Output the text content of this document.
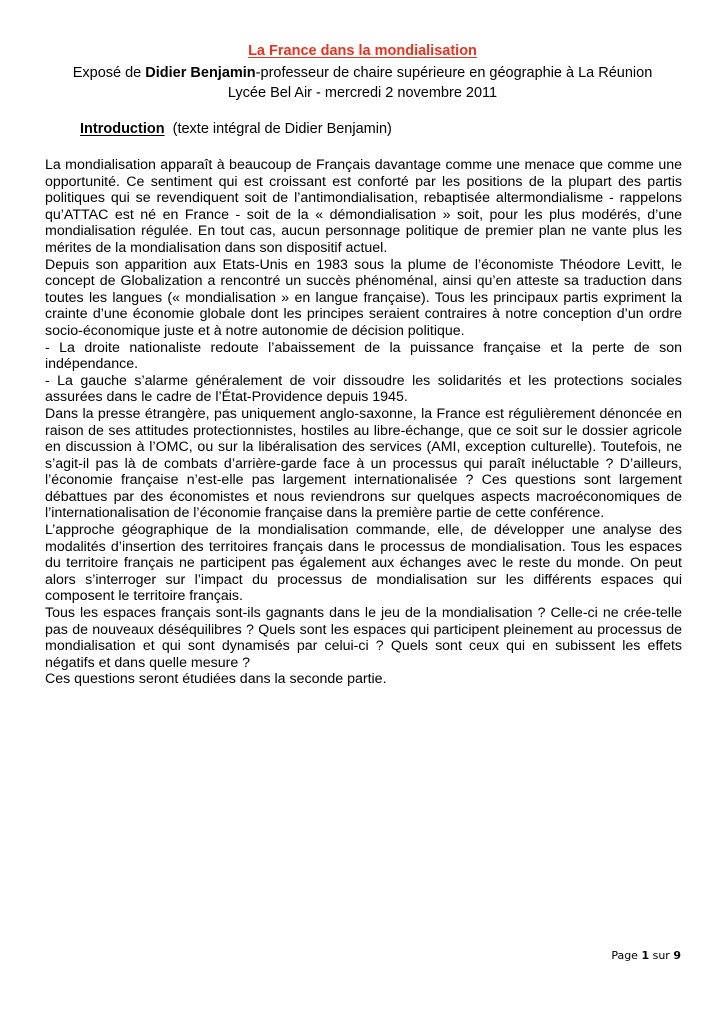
La France dans la mondialisation
Exposé de Didier Benjamin-professeur de chaire supérieure en géographie à La Réunion
Lycée Bel Air - mercredi 2 novembre 2011
Introduction (texte intégral de Didier Benjamin)

La mondialisation apparaît à beaucoup de Français davantage comme une menace que comme une opportunité. Ce sentiment qui est croissant est conforté par les positions de la plupart des partis politiques qui se revendiquent soit de l’antimondialisation, rebaptisée altermondialisme - rappelons qu’ATTAC est né en France - soit de la « démondialisation » soit, pour les plus modérés, d’une mondialisation régulée. En tout cas, aucun personnage politique de premier plan ne vante plus les mérites de la mondialisation dans son dispositif actuel.

Depuis son apparition aux Etats-Unis en 1983 sous la plume de l’économiste Théodore Levitt, le concept de Globalization a rencontré un succès phénoménal, ainsi qu’en atteste sa traduction dans toutes les langues (« mondialisation » en langue française). Tous les principaux partis expriment la crainte d’une économie globale dont les principes seraient contraires à notre conception d’un ordre socio-économique juste et à notre autonomie de décision politique.

- La droite nationaliste redoute l’abaissement de la puissance française et la perte de son indépendance.

- La gauche s’alarme généralement de voir dissoudre les solidarités et les protections sociales assurées dans le cadre de l’État-Providence depuis 1945.

Dans la presse étrangère, pas uniquement anglo-saxonne, la France est régulièrement dénoncée en raison de ses attitudes protectionnistes, hostiles au libre-échange, que ce soit sur le dossier agricole en discussion à l’OMC, ou sur la libéralisation des services (AMI, exception culturelle). Toutefois, ne s’agit-il pas là de combats d’arrière-garde face à un processus qui paraît inéluctable ? D’ailleurs, l’économie française n’est-elle pas largement internationalisée ? Ces questions sont largement débattues par des économistes et nous reviendrons sur quelques aspects macroéconomiques de l’internationalisation de l’économie française dans la première partie de cette conférence.

L’approche géographique de la mondialisation commande, elle, de développer une analyse des modalités d’insertion des territoires français dans le processus de mondialisation. Tous les espaces du territoire français ne participent pas également aux échanges avec le reste du monde. On peut alors s’interroger sur l’impact du processus de mondialisation sur les différents espaces qui composent le territoire français.

Tous les espaces français sont-ils gagnants dans le jeu de la mondialisation ? Celle-ci ne crée-telle pas de nouveaux déséquilibres ? Quels sont les espaces qui participent pleinement au processus de mondialisation et qui sont dynamisés par celui-ci ? Quels sont ceux qui en subissent les effets négatifs et dans quelle mesure ?

Ces questions seront étudiées dans la seconde partie.

Page 1 sur 9
